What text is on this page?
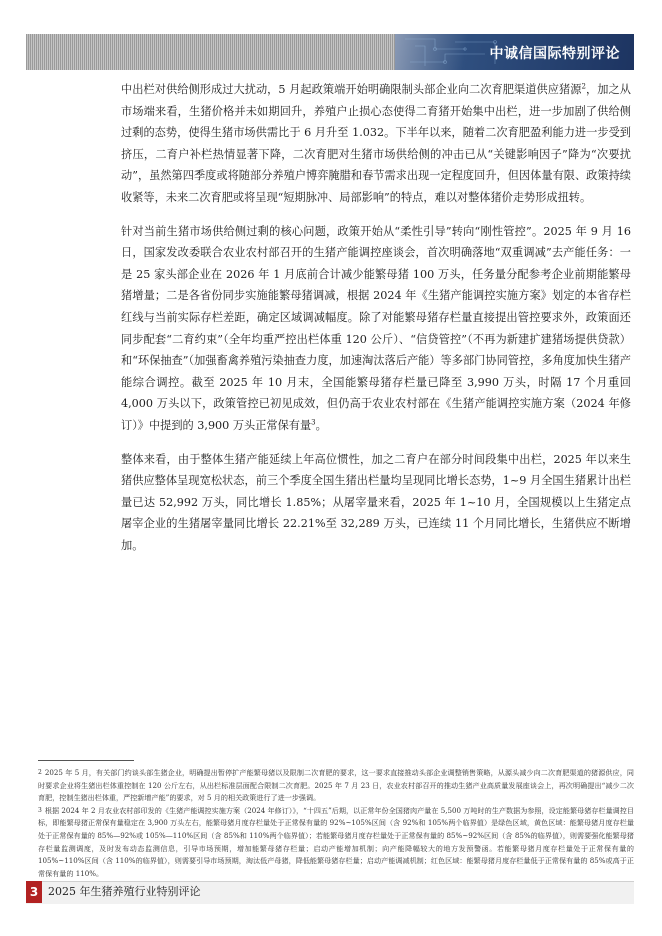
中诚信国际特别评论

中出栏对供给侧形成过大扰动，5 月起政策端开始明确限制头部企业向二次育肥渠道供应猪源$^2$，加之从市场端来看，生猪价格并未如期回升，养殖户止损心态使得二育猪开始集中出栏，进一步加剧了供给侧过剩的态势，使得生猪市场供需比于 6 月升至 1.032。下半年以来，随着二次育肥盈利能力进一步受到挤压，二育户补栏热情显著下降，二次育肥对生猪市场供给侧的冲击已从“关键影响因子”降为“次要扰动”，虽然第四季度或将随部分养殖户博弈腌腊和春节需求出现一定程度回升，但因体量有限、政策持续收紧等，未来二次育肥或将呈现“短期脉冲、局部影响”的特点，难以对整体猪价走势形成扭转。

针对当前生猪市场供给侧过剩的核心问题，政策开始从“柔性引导”转向“刚性管控”。2025 年 9 月 16 日，国家发改委联合农业农村部召开的生猪产能调控座谈会，首次明确落地“双重调减”去产能任务：一是 25 家头部企业在 2026 年 1 月底前合计减少能繁母猪 100 万头，任务量分配参考企业前期能繁母猪增量；二是各省份同步实施能繁母猪调减，根据 2024 年《生猪产能调控实施方案》划定的本省存栏红线与当前实际存栏差距，确定区域调减幅度。除了对能繁母猪存栏量直接提出管控要求外，政策面还同步配套“二育约束”（全年均重严控出栏体重 120 公斤）、“信贷管控”（不再为新建扩建猪场提供贷款）和“环保抽查”（加强畜禽养殖污染抽查力度，加速淘汰落后产能）等多部门协同管控，多角度加快生猪产能综合调控。截至 2025 年 10 月末，全国能繁母猪存栏量已降至 3,990 万头，时隔 17 个月重回 4,000 万头以下，政策管控已初见成效，但仍高于农业农村部在《生猪产能调控实施方案（2024 年修订）》中提到的 3,900 万头正常保有量$^3$。

整体来看，由于整体生猪产能延续上年高位惯性，加之二育户在部分时间段集中出栏，2025 年以来生猪供应整体呈现宽松状态，前三个季度全国生猪出栏量均呈现同比增长态势，1~9 月全国生猪累计出栏量已达 52,992 万头，同比增长 1.85%；从屠宰量来看，2025 年 1~10 月，全国规模以上生猪定点屠宰企业的生猪屠宰量同比增长 22.21%至 32,289 万头，已连续 11 个月同比增长，生猪供应不断增加。

$^2$ 2025 年 5 月，有关部门约谈头部生猪企业，明确提出暂停扩产能繁母猪以及限制二次育肥的要求，这一要求直接推动头部企业调整销售策略，从源头减少向二次育肥渠道的猪源供应，同时要求企业将生猪出栏体重控制在 120 公斤左右，从出栏标准层面配合限制二次育肥。2025 年 7 月 23 日，农业农村部召开的推动生猪产业高质量发展座谈会上，再次明确提出“减少二次育肥，控制生猪出栏体重，严控新增产能”的要求，对 5 月的相关政策进行了进一步强调。

$^3$ 根据 2024 年 2 月农业农村部印发的《生猪产能调控实施方案（2024 年修订）》，“十四五”后期，以正常年份全国猪肉产量在 5,500 万吨时的生产数据为参照，设定能繁母猪存栏量调控目标，即能繁母猪正常保有量稳定在 3,900 万头左右，能繁母猪月度存栏量处于正常保有量的 92%~105%区间（含 92%和 105%两个临界值）是绿色区域，黄色区域：能繁母猪月度存栏量处于正常保有量的 85%—92%或 105%—110%区间（含 85%和 110%两个临界值）；若能繁母猪月度存栏量处于正常保有量的 85%~92%区间（含 85%的临界值），则需要强化能繁母猪存栏量监测调度，及时发布动态监测信息，引导市场预期，增加能繁母猪存栏量；启动产能增加机制；向产能降幅较大的地方发预警函。若能繁母猪月度存栏量处于正常保有量的 105%~110%区间（含 110%的临界值），则需要引导市场预期，淘汰低产母猪，降低能繁母猪存栏量；启动产能调减机制；红色区域：能繁母猪月度存栏量低于正常保有量的 85%或高于正常保有量的 110%。

3 2025 年生猪养殖行业特别评论
